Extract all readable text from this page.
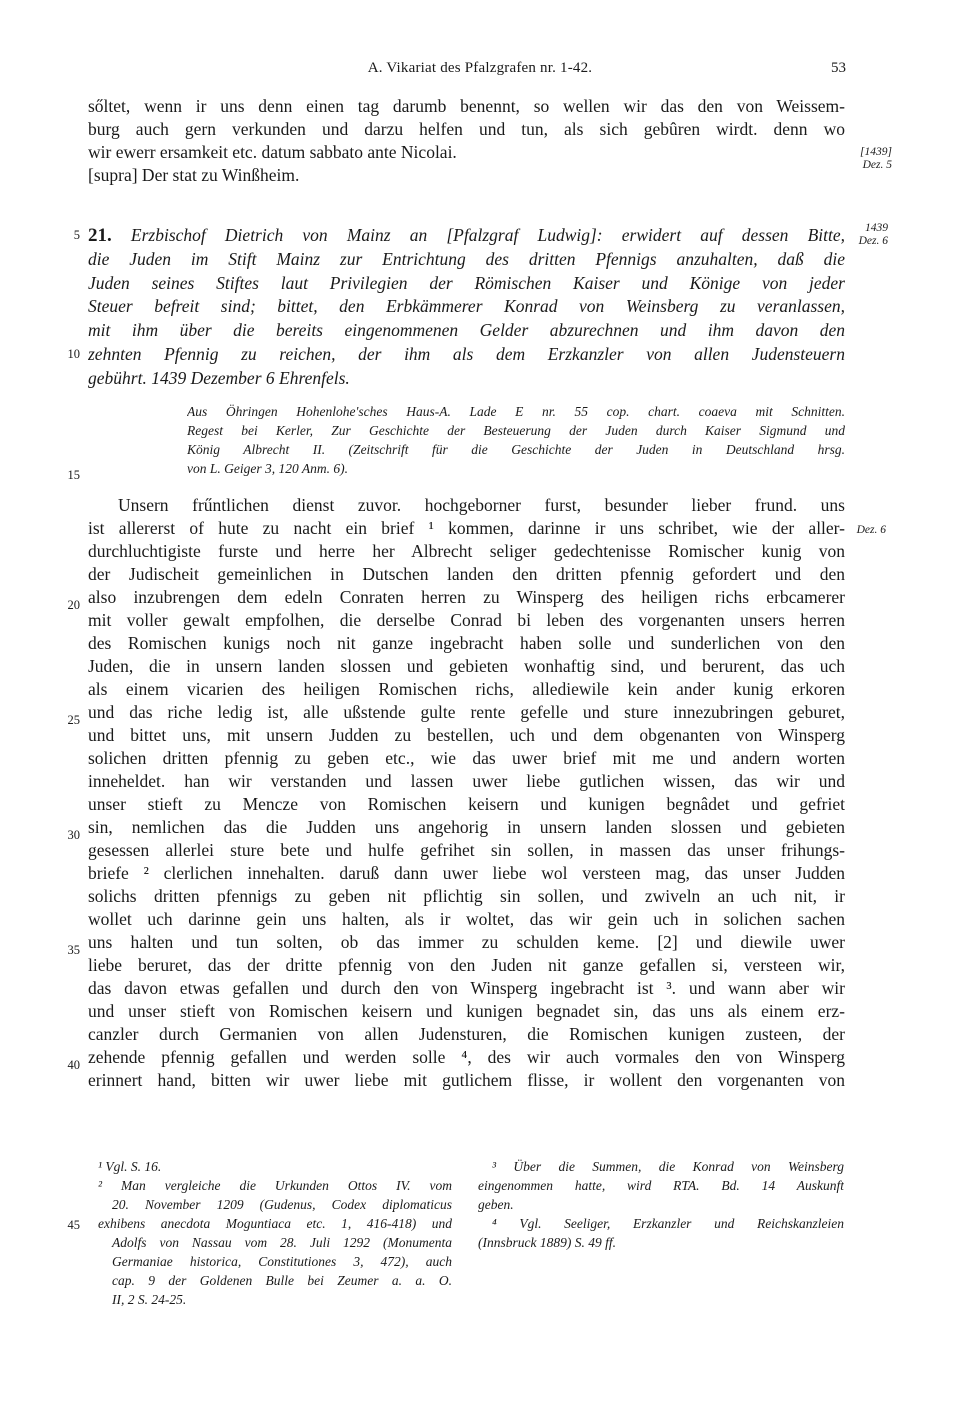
A. Vikariat des Pfalzgrafen nr. 1-42.	53
sőltet, wenn ir uns denn einen tag darumb benennt, so wellen wir das den von Weissem-
burg auch gern verkunden und darzu helfen und tun, als sich gebûren wirdt. denn wo
wir ewerr ersamkeit etc. datum sabbato ante Nicolai.
[supra] Der stat zu Winßheim.
[1439]
Dez. 5
21. Erzbischof Dietrich von Mainz an [Pfalzgraf Ludwig]: erwidert auf dessen Bitte,
die Juden im Stift Mainz zur Entrichtung des dritten Pfennigs anzuhalten, daß die
Juden seines Stiftes laut Privilegien der Römischen Kaiser und Könige von jeder
Steuer befreit sind; bittet, den Erbkämmerer Konrad von Weinsberg zu veranlassen,
mit ihm über die bereits eingenommenen Gelder abzurechnen und ihm davon den
zehnten Pfennig zu reichen, der ihm als dem Erzkanzler von allen Judensteuern
gebührt. 1439 Dezember 6 Ehrenfels.
1439
Dez. 6
Aus Öhringen Hohenlohe'sches Haus-A. Lade E nr. 55 cop. chart. coaeva mit Schnitten.
Regest bei Kerler, Zur Geschichte der Besteuerung der Juden durch Kaiser Sigmund und
König Albrecht II. (Zeitschrift für die Geschichte der Juden in Deutschland hrsg.
von L. Geiger 3, 120 Anm. 6).
Unsern frűntlichen dienst zuvor. hochgeborner furst, besunder lieber frund. uns
ist allererst of hute zu nacht ein brief ¹ kommen, darinne ir uns schribet, wie der aller-
durchluchtigiste furste und herre her Albrecht seliger gedechtenisse Romischer kunig von
der Judischeit gemeinlichen in Dutschen landen den dritten pfennig gefordert und den
also inzubrengen dem edeln Conraten herren zu Winsperg des heiligen richs erbcamerer
mit voller gewalt empfolhen, die derselbe Conrad bi leben des vorgenanten unsers herren
des Romischen kunigs noch nit ganze ingebracht haben solle und sunderlichen von den
Juden, die in unsern landen slossen und gebieten wonhaftig sind, und berurent, das uch
als einem vicarien des heiligen Romischen richs, allediewile kein ander kunig erkoren
und das riche ledig ist, alle ußstende gulte rente gefelle und sture innezubringen geburet,
und bittet uns, mit unsern Judden zu bestellen, uch und dem obgenanten von Winsperg
solichen dritten pfennig zu geben etc., wie das uwer brief mit me und andern worten
inneheldet. han wir verstanden und lassen uwer liebe gutlichen wissen, das wir und
unser stieft zu Mencze von Romischen keisern und kunigen begnâdet und gefriet
sin, nemlichen das die Judden uns angehorig in unsern landen slossen und gebieten
gesessen allerlei sture bete und hulfe gefrihet sin sollen, in massen das unser frihungs-
briefe ² clerlichen innehalten. daruß dann uwer liebe wol versteen mag, das unser Judden
solichs dritten pfennigs zu geben nit pflichtig sin sollen, und zwiveln an uch nit, ir
wollet uch darinne gein uns halten, als ir woltet, das wir gein uch in solichen sachen
uns halten und tun solten, ob das immer zu schulden keme. [2] und diewile uwer
liebe beruret, das der dritte pfennig von den Juden nit ganze gefallen si, versteen wir,
das davon etwas gefallen und durch den von Winsperg ingebracht ist ³. und wann aber wir
und unser stieft von Romischen keisern und kunigen begnadet sin, das uns als einem erz-
canzler durch Germanien von allen Judensturen, die Romischen kunigen zusteen, der
zehende pfennig gefallen und werden solle ⁴, des wir auch vormales den von Winsperg
erinnert hand, bitten wir uwer liebe mit gutlichem flisse, ir wollent den vorgenanten von
Dez. 6
5
10
15
20
25
30
35
40
45
¹ Vgl. S. 16.
² Man vergleiche die Urkunden Ottos IV. vom
20. November 1209 (Gudenus, Codex diplomaticus
exhibens anecdota Moguntiaca etc. 1, 416-418) und
Adolfs von Nassau vom 28. Juli 1292 (Monumenta
Germaniae historica, Constitutiones 3, 472), auch
cap. 9 der Goldenen Bulle bei Zeumer a. a. O.
II, 2 S. 24-25.
³ Über die Summen, die Konrad von Weinsberg
eingenommen hatte, wird RTA. Bd. 14 Auskunft
geben.
⁴ Vgl. Seeliger, Erzkanzler und Reichskanzleien
(Innsbruck 1889) S. 49 ff.
